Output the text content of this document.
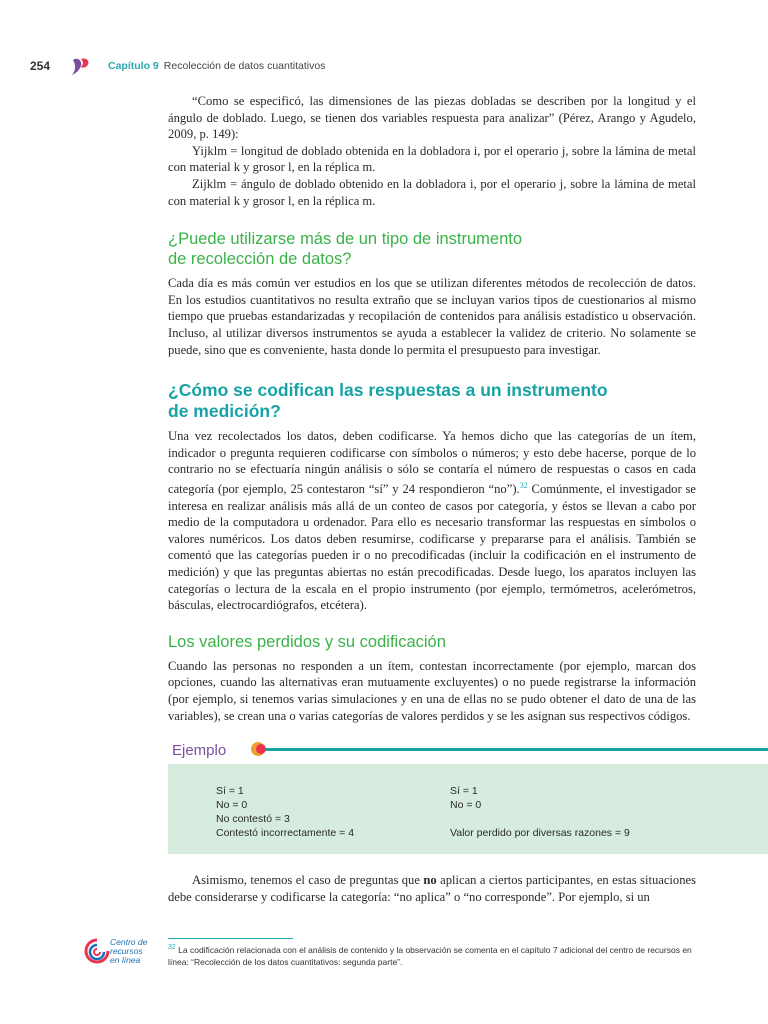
254	Capítulo 9 Recolección de datos cuantitativos

“Como se especificó, las dimensiones de las piezas dobladas se describen por la longitud y el ángulo de doblado. Luego, se tienen dos variables respuesta para analizar” (Pérez, Arango y Agudelo, 2009, p. 149):

Yijklm = longitud de doblado obtenida en la dobladora i, por el operario j, sobre la lámina de metal con material k y grosor l, en la réplica m.

Zijklm = ángulo de doblado obtenido en la dobladora i, por el operario j, sobre la lámina de metal con material k y grosor l, en la réplica m.

¿Puede utilizarse más de un tipo de instrumento
de recolección de datos?

Cada día es más común ver estudios en los que se utilizan diferentes métodos de recolección de datos. En los estudios cuantitativos no resulta extraño que se incluyan varios tipos de cuestionarios al mismo tiempo que pruebas estandarizadas y recopilación de contenidos para análisis estadístico u observación. Incluso, al utilizar diversos instrumentos se ayuda a establecer la validez de criterio. No solamente se puede, sino que es conveniente, hasta donde lo permita el presupuesto para investigar.

¿Cómo se codifican las respuestas a un instrumento
de medición?

Una vez recolectados los datos, deben codificarse. Ya hemos dicho que las categorías de un ítem, indicador o pregunta requieren codificarse con símbolos o números; y esto debe hacerse, porque de lo contrario no se efectuaría ningún análisis o sólo se contaría el número de respuestas o casos en cada categoría (por ejemplo, 25 contestaron “sí” y 24 respondieron “no”).$^{32}$ Comúnmente, el investigador se interesa en realizar análisis más allá de un conteo de casos por categoría, y éstos se llevan a cabo por medio de la computadora u ordenador. Para ello es necesario transformar las respuestas en símbolos o valores numéricos. Los datos deben resumirse, codificarse y prepararse para el análisis. También se comentó que las categorías pueden ir o no precodificadas (incluir la codificación en el instrumento de medición) y que las preguntas abiertas no están precodificadas. Desde luego, los aparatos incluyen las categorías o lectura de la escala en el propio instrumento (por ejemplo, termómetros, acelerómetros, básculas, electrocardiógrafos, etcétera).

Los valores perdidos y su codificación

Cuando las personas no responden a un ítem, contestan incorrectamente (por ejemplo, marcan dos opciones, cuando las alternativas eran mutuamente excluyentes) o no puede registrarse la información (por ejemplo, si tenemos varias simulaciones y en una de ellas no se pudo obtener el dato de una de las variables), se crean una o varias categorías de valores perdidos y se les asignan sus respectivos códigos.

Ejemplo
Sí = 1
No = 0
No contestó = 3
Contestó incorrectamente = 4
Sí = 1
No = 0
Valor perdido por diversas razones = 9

Asimismo, tenemos el caso de preguntas que no aplican a ciertos participantes, en estas situaciones debe considerarse y codificarse la categoría: “no aplica” o “no corresponde”. Por ejemplo, si un

Centro de
recursos
en línea
$^{32}$ La codificación relacionada con el análisis de contenido y la observación se comenta en el capítulo 7 adicional del centro de recursos en línea: “Recolección de los datos cuantitativos: segunda parte”.
